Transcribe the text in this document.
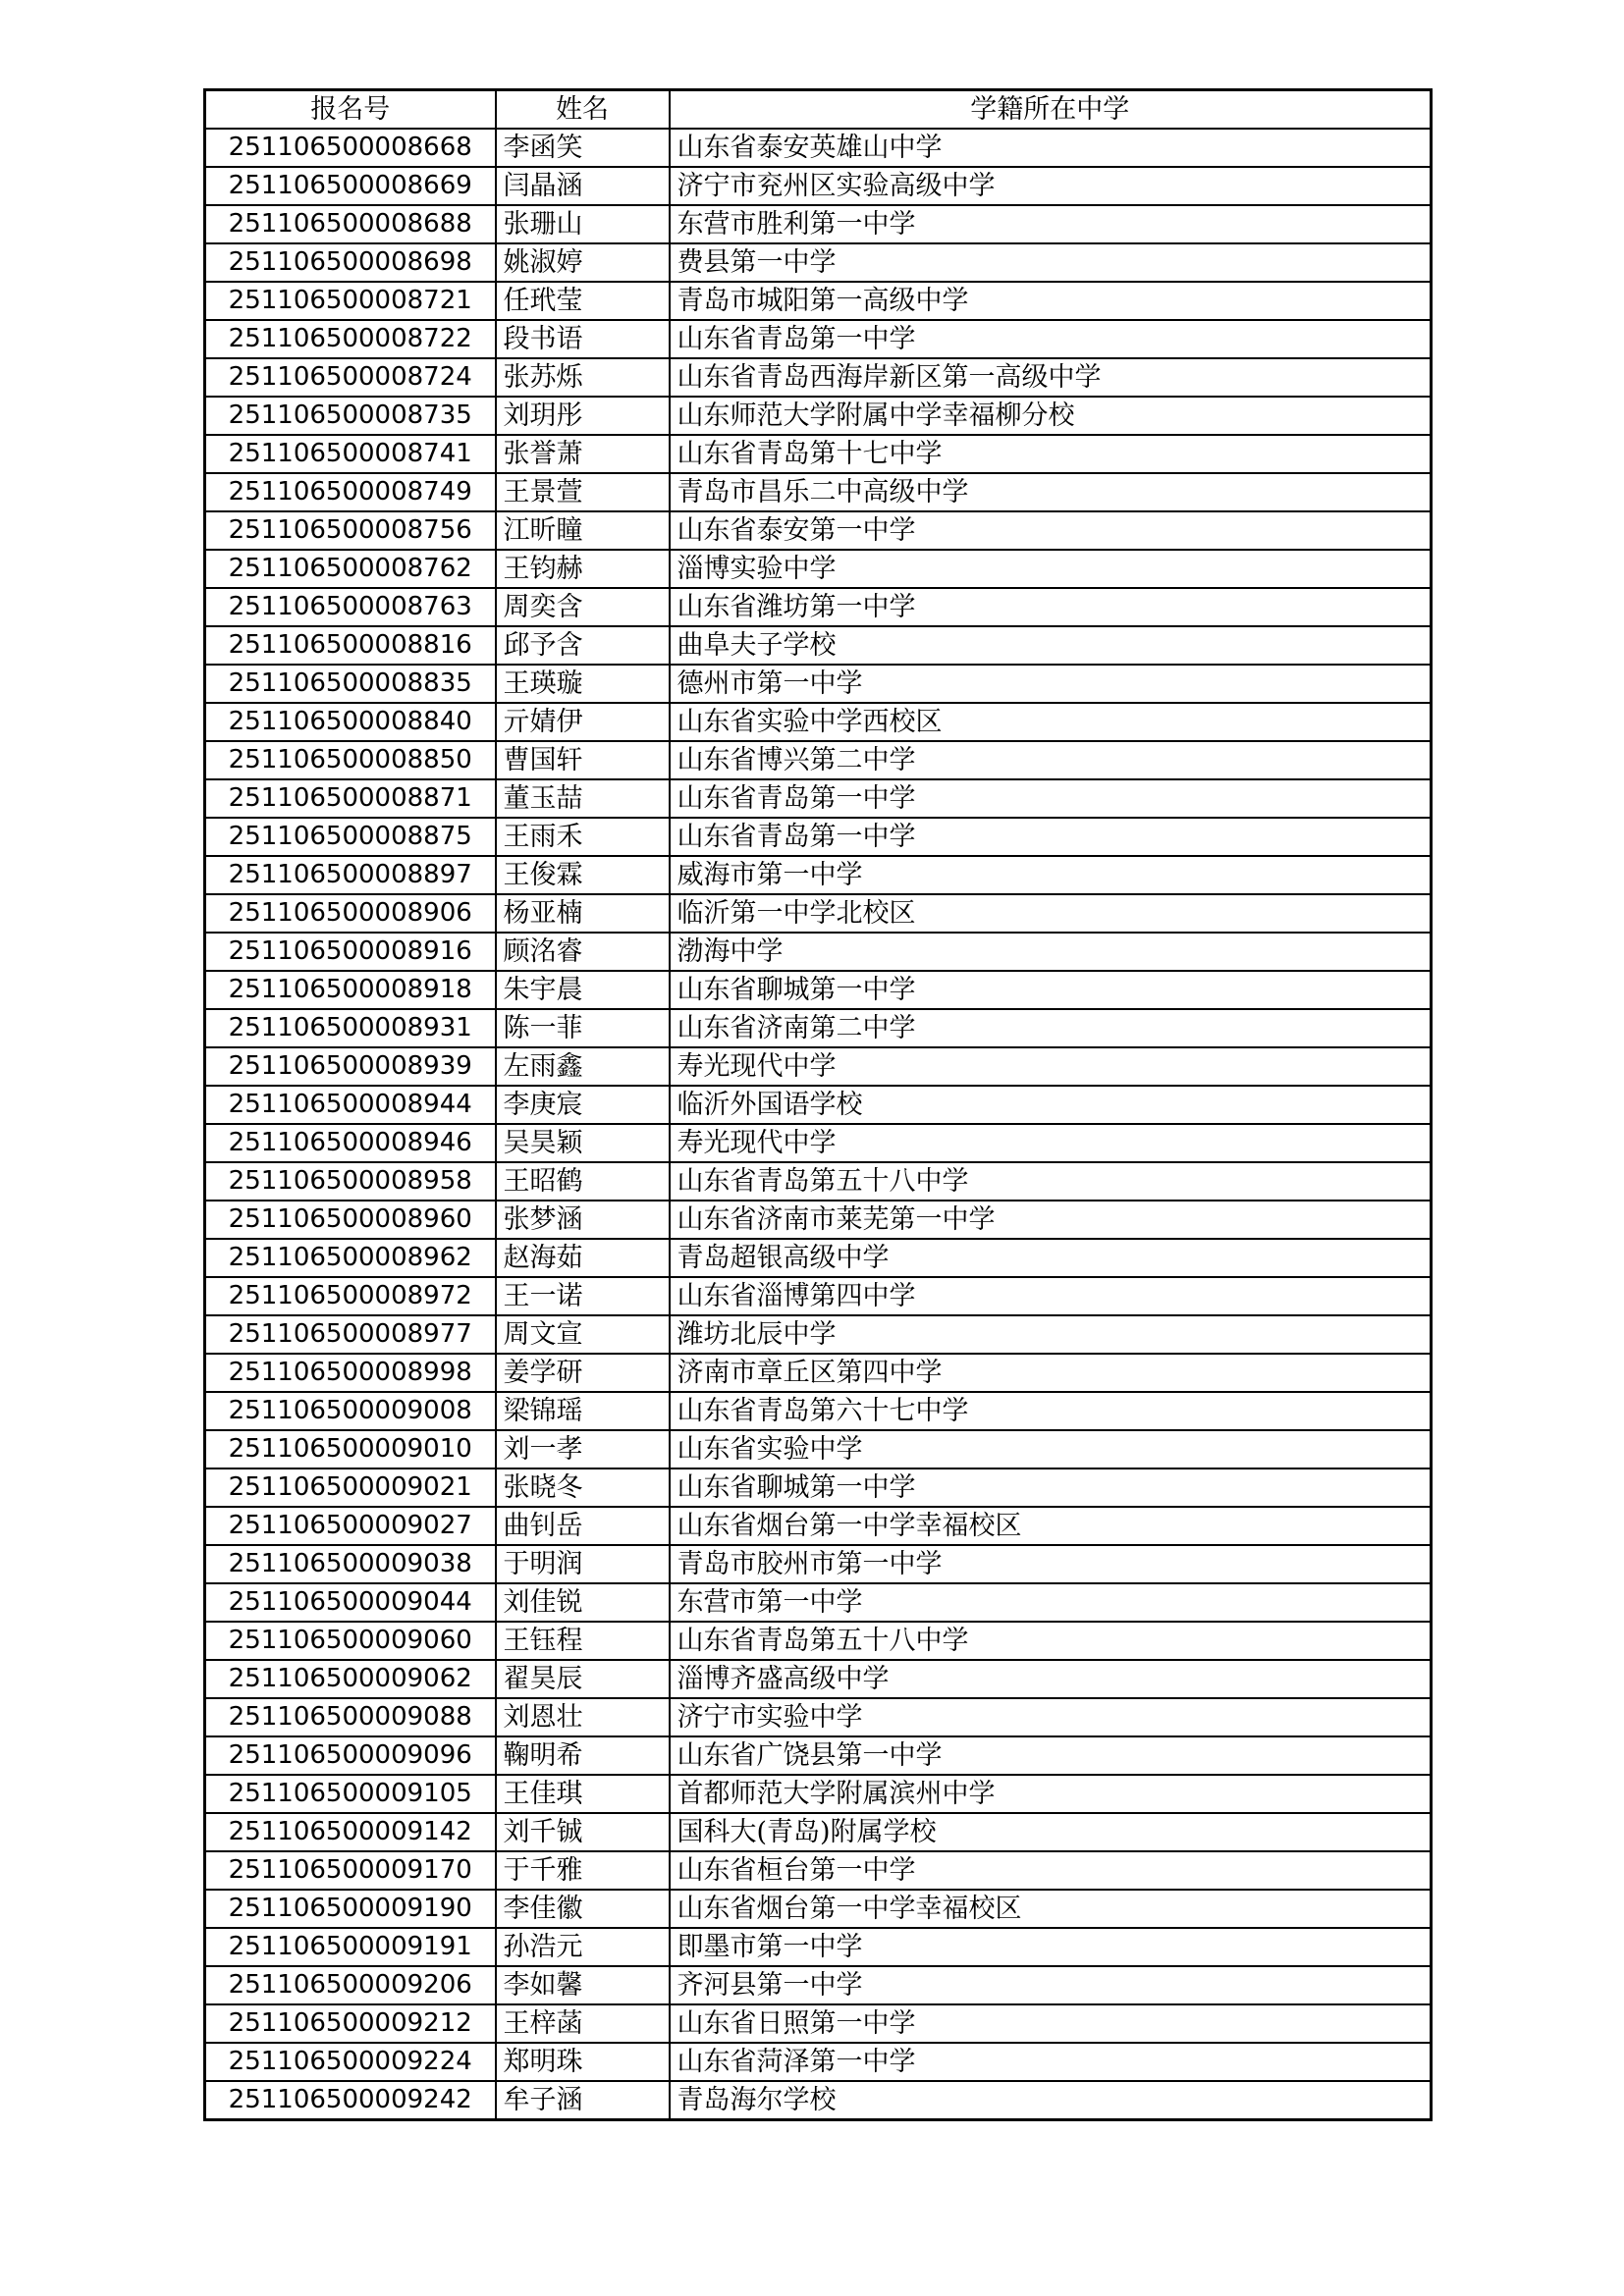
报名号	姓名	学籍所在中学
251106500008668	李函笑	山东省泰安英雄山中学
251106500008669	闫晶涵	济宁市兖州区实验高级中学
251106500008688	张珊山	东营市胜利第一中学
251106500008698	姚淑婷	费县第一中学
251106500008721	任玳莹	青岛市城阳第一高级中学
251106500008722	段书语	山东省青岛第一中学
251106500008724	张苏烁	山东省青岛西海岸新区第一高级中学
251106500008735	刘玥彤	山东师范大学附属中学幸福柳分校
251106500008741	张誉萧	山东省青岛第十七中学
251106500008749	王景萱	青岛市昌乐二中高级中学
251106500008756	江昕瞳	山东省泰安第一中学
251106500008762	王钧赫	淄博实验中学
251106500008763	周奕含	山东省潍坊第一中学
251106500008816	邱予含	曲阜夫子学校
251106500008835	王瑛璇	德州市第一中学
251106500008840	亓婧伊	山东省实验中学西校区
251106500008850	曹国轩	山东省博兴第二中学
251106500008871	董玉喆	山东省青岛第一中学
251106500008875	王雨禾	山东省青岛第一中学
251106500008897	王俊霖	威海市第一中学
251106500008906	杨亚楠	临沂第一中学北校区
251106500008916	顾洺睿	渤海中学
251106500008918	朱宇晨	山东省聊城第一中学
251106500008931	陈一菲	山东省济南第二中学
251106500008939	左雨鑫	寿光现代中学
251106500008944	李庚宸	临沂外国语学校
251106500008946	吴昊颖	寿光现代中学
251106500008958	王昭鹤	山东省青岛第五十八中学
251106500008960	张梦涵	山东省济南市莱芜第一中学
251106500008962	赵海茹	青岛超银高级中学
251106500008972	王一诺	山东省淄博第四中学
251106500008977	周文宣	潍坊北辰中学
251106500008998	姜学研	济南市章丘区第四中学
251106500009008	梁锦瑶	山东省青岛第六十七中学
251106500009010	刘一孝	山东省实验中学
251106500009021	张晓冬	山东省聊城第一中学
251106500009027	曲钊岳	山东省烟台第一中学幸福校区
251106500009038	于明润	青岛市胶州市第一中学
251106500009044	刘佳锐	东营市第一中学
251106500009060	王钰程	山东省青岛第五十八中学
251106500009062	翟昊辰	淄博齐盛高级中学
251106500009088	刘恩壮	济宁市实验中学
251106500009096	鞠明希	山东省广饶县第一中学
251106500009105	王佳琪	首都师范大学附属滨州中学
251106500009142	刘千铖	国科大(青岛)附属学校
251106500009170	于千雅	山东省桓台第一中学
251106500009190	李佳徽	山东省烟台第一中学幸福校区
251106500009191	孙浩元	即墨市第一中学
251106500009206	李如馨	齐河县第一中学
251106500009212	王梓菡	山东省日照第一中学
251106500009224	郑明珠	山东省菏泽第一中学
251106500009242	牟子涵	青岛海尔学校
